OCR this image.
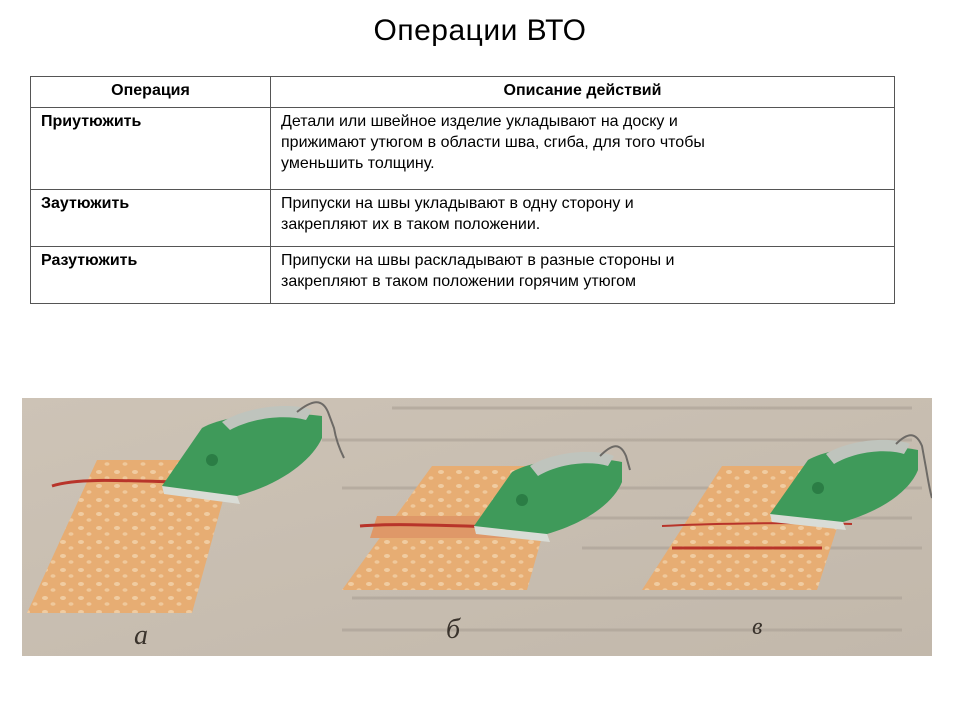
Операции ВТО
Операция	Описание действий
Приутюжить	Детали или швейное изделие укладывают на доску и
прижимают утюгом в области шва, сгиба, для того чтобы
уменьшить толщину.

Заутюжить	Припуски на швы укладывают в одну сторону и
закрепляют их в таком положении.

Разутюжить	Припуски на швы раскладывают в разные стороны и
закрепляют в таком положении горячим утюгом
а	б	в
